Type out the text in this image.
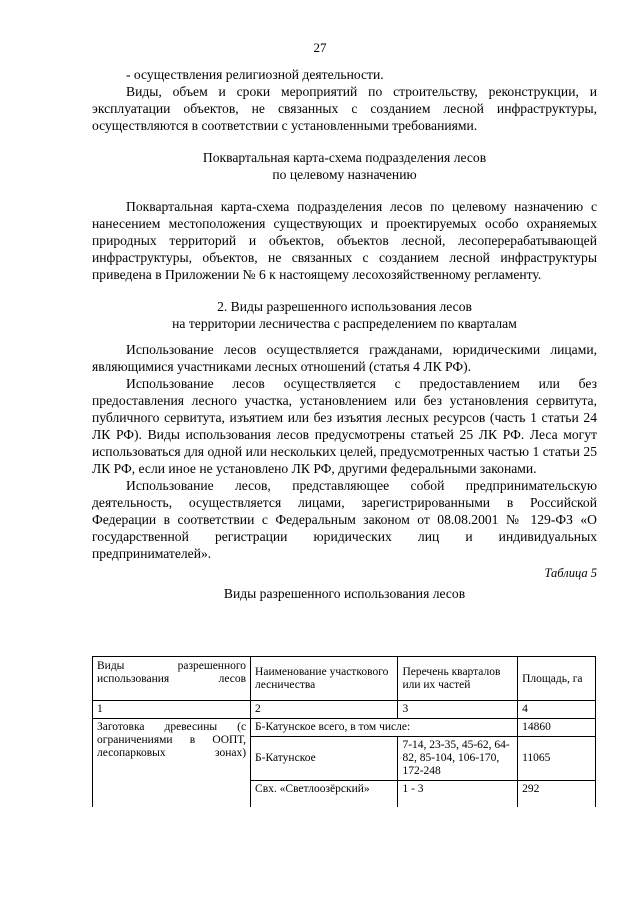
27

- осуществления религиозной деятельности.

Виды, объем и сроки мероприятий по строительству, реконструкции, и эксплуатации объектов, не связанных с созданием лесной инфраструктуры, осуществляются в соответствии с установленными требованиями.

Поквартальная карта-схема подразделения лесов

по целевому назначению

Поквартальная карта-схема подразделения лесов по целевому назначению с нанесением местоположения существующих и проектируемых особо охраняемых природных территорий и объектов, объектов лесной, лесоперерабатывающей инфраструктуры, объектов, не связанных с созданием лесной инфраструктуры приведена в Приложении № 6 к настоящему лесохозяйственному регламенту.

2. Виды разрешенного использования лесов

на территории лесничества с распределением по кварталам

Использование лесов осуществляется гражданами, юридическими лицами, являющимися участниками лесных отношений (статья 4 ЛК РФ).

Использование лесов осуществляется с предоставлением или без предоставления лесного участка, установлением или без установления сервитута, публичного сервитута, изъятием или без изъятия лесных ресурсов (часть 1 статьи 24 ЛК РФ). Виды использования лесов предусмотрены статьей 25 ЛК РФ. Леса могут использоваться для одной или нескольких целей, предусмотренных частью 1 статьи 25 ЛК РФ, если иное не установлено ЛК РФ, другими федеральными законами.

Использование лесов, представляющее собой предпринимательскую деятельность, осуществляется лицами, зарегистрированными в Российской Федерации в соответствии с Федеральным законом от 08.08.2001 № 129-ФЗ «О государственной регистрации юридических лиц и индивидуальных предпринимателей».

Таблица 5
Виды разрешенного использования лесов
Виды разрешенного использования лесов	Наименование участкового лесничества	Перечень кварталов или их частей	Площадь, га
1	2	3	4
Заготовка древесины (с ограничениями в ООПТ, лесопарковых зонах)	Б-Катунское всего, в том числе:		14860
	Б-Катунское	7-14, 23-35, 45-62, 64-82, 85-104, 106-170, 172-248	11065
	Свх. «Светлоозёрский»	1 - 3	292
